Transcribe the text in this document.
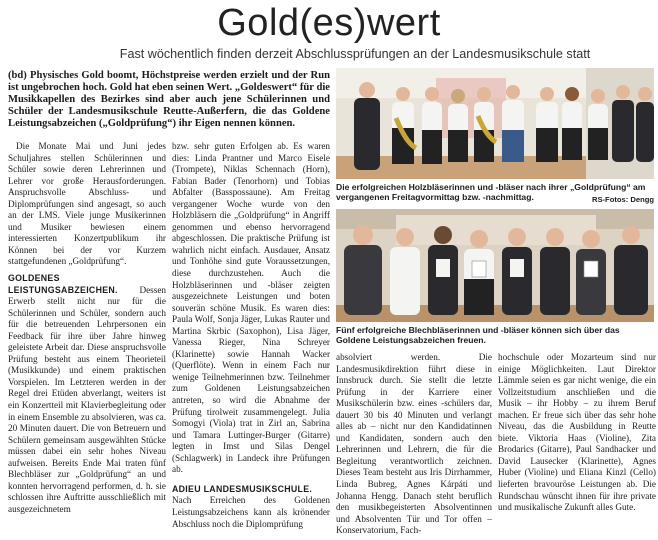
Gold(es)wert
Fast wöchentlich finden derzeit Abschlussprüfungen an der Landesmusikschule statt
(bd) Physisches Gold boomt, Höchstpreise werden erzielt und der Run ist ungebrochen hoch. Gold hat eben seinen Wert. „Goldeswert“ für die Musikkapellen des Bezirkes sind aber auch jene Schülerinnen und Schüler der Landesmusikschule Reutte-Außerfern, die das Goldene Leistungsabzeichen („Goldprüfung“) ihr Eigen nennen können.

Die Monate Mai und Juni jedes Schuljahres stellen Schülerinnen und Schüler sowie deren Lehrerinnen und Lehrer vor große Herausforderungen. Anspruchsvolle Abschluss- und Diplomprüfungen sind angesagt, so auch an der LMS. Viele junge Musikerinnen und Musiker bewiesen einem interessierten Konzertpublikum ihr Können bei der vor Kurzem stattgefundenen „Goldprüfung“.

GOLDENES LEISTUNGSABZEICHEN. Dessen Erwerb stellt nicht nur für die Schülerinnen und Schüler, sondern auch für die betreuenden Lehrpersonen ein Feedback für ihre über Jahre hinweg geleistete Arbeit dar. Diese anspruchsvolle Prüfung besteht aus einem Theorieteil (Musikkunde) und einem praktischen Vorspielen. Im Letzteren werden in der Regel drei Etüden abverlangt, weiters ist ein Konzertteil mit Klavierbegleitung oder in einem Ensemble zu absolvieren, was ca. 20 Minuten dauert. Die von Betreuern und Schülern gemeinsam ausgewählten Stücke müssen dabei ein sehr hohes Niveau aufweisen. Bereits Ende Mai traten fünf Blechbläser zur „Goldprüfung“ an und konnten hervorragend performen, d. h. sie schlossen ihre Auftritte ausschließlich mit ausgezeichnetem

bzw. sehr guten Erfolgen ab. Es waren dies: Linda Prantner und Marco Eisele (Trompete), Niklas Schennach (Horn), Fabian Bader (Tenorhorn) und Tobias Abfalter (Basspossaune). Am Freitag vergangener Woche wurde von den Holzbläsern die „Goldprüfung“ in Angriff genommen und ebenso hervorragend abgeschlossen. Die praktische Prüfung ist wahrlich nicht einfach. Ausdauer, Ansatz und Tonhöhe sind gute Voraussetzungen, diese durchzustehen. Auch die Holzbläserinnen und -bläser zeigten ausgezeichnete Leistungen und boten souverän schöne Musik. Es waren dies: Paula Wolf, Sonja Jäger, Lukas Rauter und Martina Skrbic (Saxophon), Lisa Jäger, Vanessa Rieger, Nina Schreyer (Klarinette) sowie Hannah Wacker (Querflöte). Wenn in einem Fach nur wenige Teilnehmerinnen bzw. Teilnehmer zum Goldenen Leistungsabzeichen antreten, so wird die Abnahme der Prüfung tirolweit zusammengelegt. Julia Somogyi (Viola) trat in Zirl an, Sabrina und Tamara Luttinger-Burger (Gitarre) legten in Imst und Silas Dengel (Schlagwerk) in Landeck ihre Prüfungen ab.

ADIEU LANDESMUSIKSCHULE.

Nach Erreichen des Goldenen Leistungsabzeichens kann als krönender Abschluss noch die Diplomprüfung

absolviert werden. Die Landesmusikdirektion führt diese in Innsbruck durch. Sie stellt die letzte Prüfung in der Karriere einer Musikschülerin bzw. eines -schülers dar, dauert 30 bis 40 Minuten und verlangt alles ab – nicht nur den Kandidatinnen und Kandidaten, sondern auch den Lehrerinnen und Lehrern, die für die Begleitung verantwortlich zeichnen. Dieses Team besteht aus Iris Dirrhammer, Linda Bubreg, Agnes Kárpáti und Johanna Hengg. Danach steht beruflich den musikbegeisterten Absolventinnen und Absolventen Tür und Tor offen – Konservatorium, Fach-

hochschule oder Mozarteum sind nur einige Möglichkeiten. Laut Direktor Lämmle seien es gar nicht wenige, die ein Vollzeitstudium anschließen und die Musik – ihr Hobby – zu ihrem Beruf machen. Er freue sich über das sehr hohe Niveau, das die Ausbildung in Reutte biete. Viktoria Haas (Violine), Zita Brodarics (Gitarre), Paul Sandhacker und David Lausecker (Klarinette), Agnes Huber (Violine) und Eliana Kinzl (Cello) lieferten bravouröse Leistungen ab. Die Rundschau wünscht ihnen für ihre private und musikalische Zukunft alles Gute.

Die erfolgreichen Holzbläserinnen und -bläser nach ihrer „Goldprüfung“ am vergangenen Freitagvormittag bzw. -nachmittag.	RS-Fotos: Dengg
Fünf erfolgreiche Blechbläserinnen und -bläser können sich über das Goldene Leistungsabzeichen freuen.
